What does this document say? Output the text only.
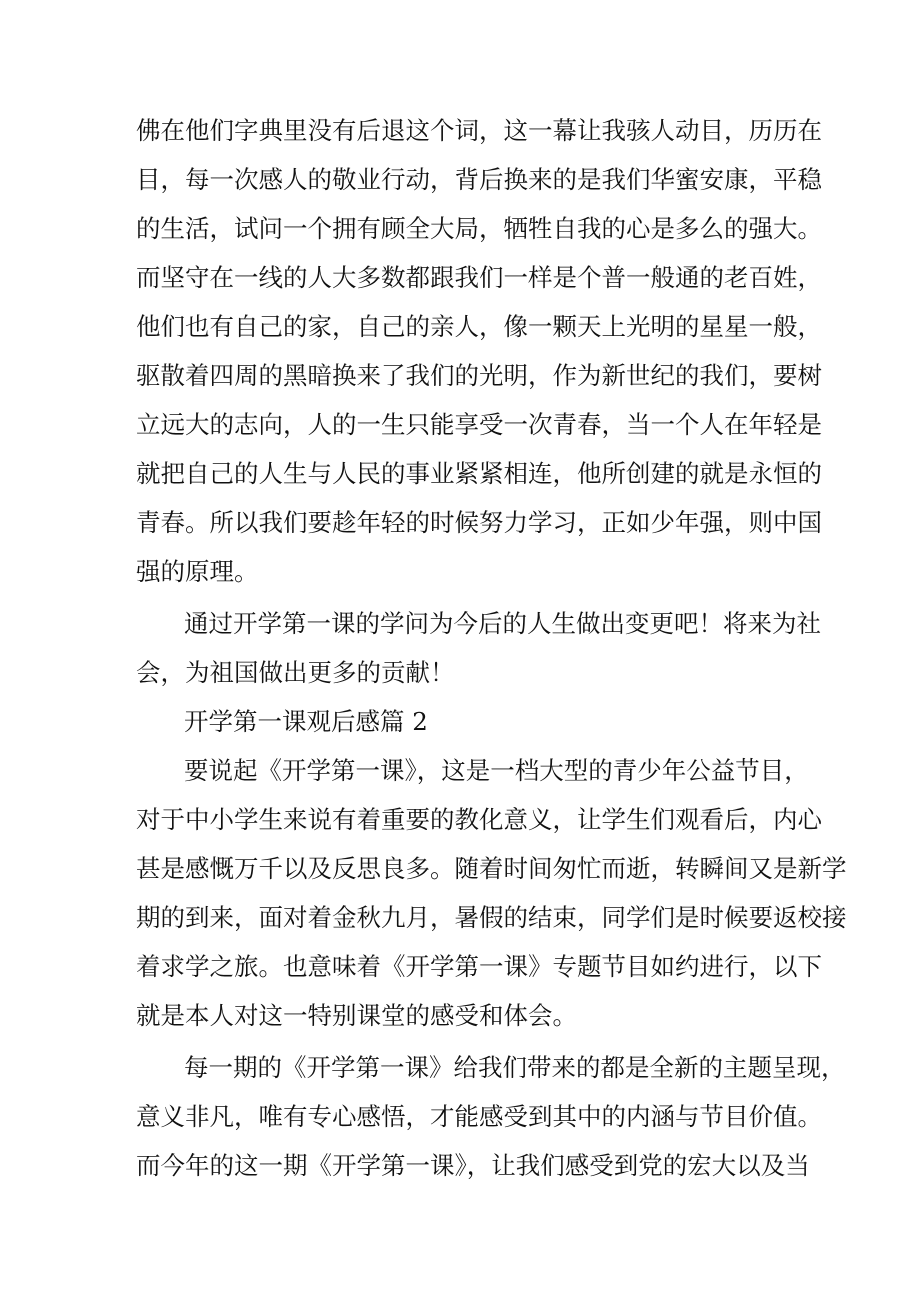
佛在他们字典里没有后退这个词，这一幕让我骇人动目，历历在
目，每一次感人的敬业行动，背后换来的是我们华蜜安康，平稳
的生活，试问一个拥有顾全大局，牺牲自我的心是多么的强大。
而坚守在一线的人大多数都跟我们一样是个普一般通的老百姓，
他们也有自己的家，自己的亲人，像一颗天上光明的星星一般，
驱散着四周的黑暗换来了我们的光明，作为新世纪的我们，要树
立远大的志向，人的一生只能享受一次青春，当一个人在年轻是
就把自己的人生与人民的事业紧紧相连，他所创建的就是永恒的
青春。所以我们要趁年轻的时候努力学习，正如少年强，则中国
强的原理。
通过开学第一课的学问为今后的人生做出变更吧！将来为社
会，为祖国做出更多的贡献！
开学第一课观后感篇 2
要说起《开学第一课》，这是一档大型的青少年公益节目，
对于中小学生来说有着重要的教化意义，让学生们观看后，内心
甚是感慨万千以及反思良多。随着时间匆忙而逝，转瞬间又是新学
期的到来，面对着金秋九月，暑假的结束，同学们是时候要返校接
着求学之旅。也意味着《开学第一课》专题节目如约进行，以下
就是本人对这一特别课堂的感受和体会。
每一期的《开学第一课》给我们带来的都是全新的主题呈现，
意义非凡，唯有专心感悟，才能感受到其中的内涵与节目价值。
而今年的这一期《开学第一课》，让我们感受到党的宏大以及当
